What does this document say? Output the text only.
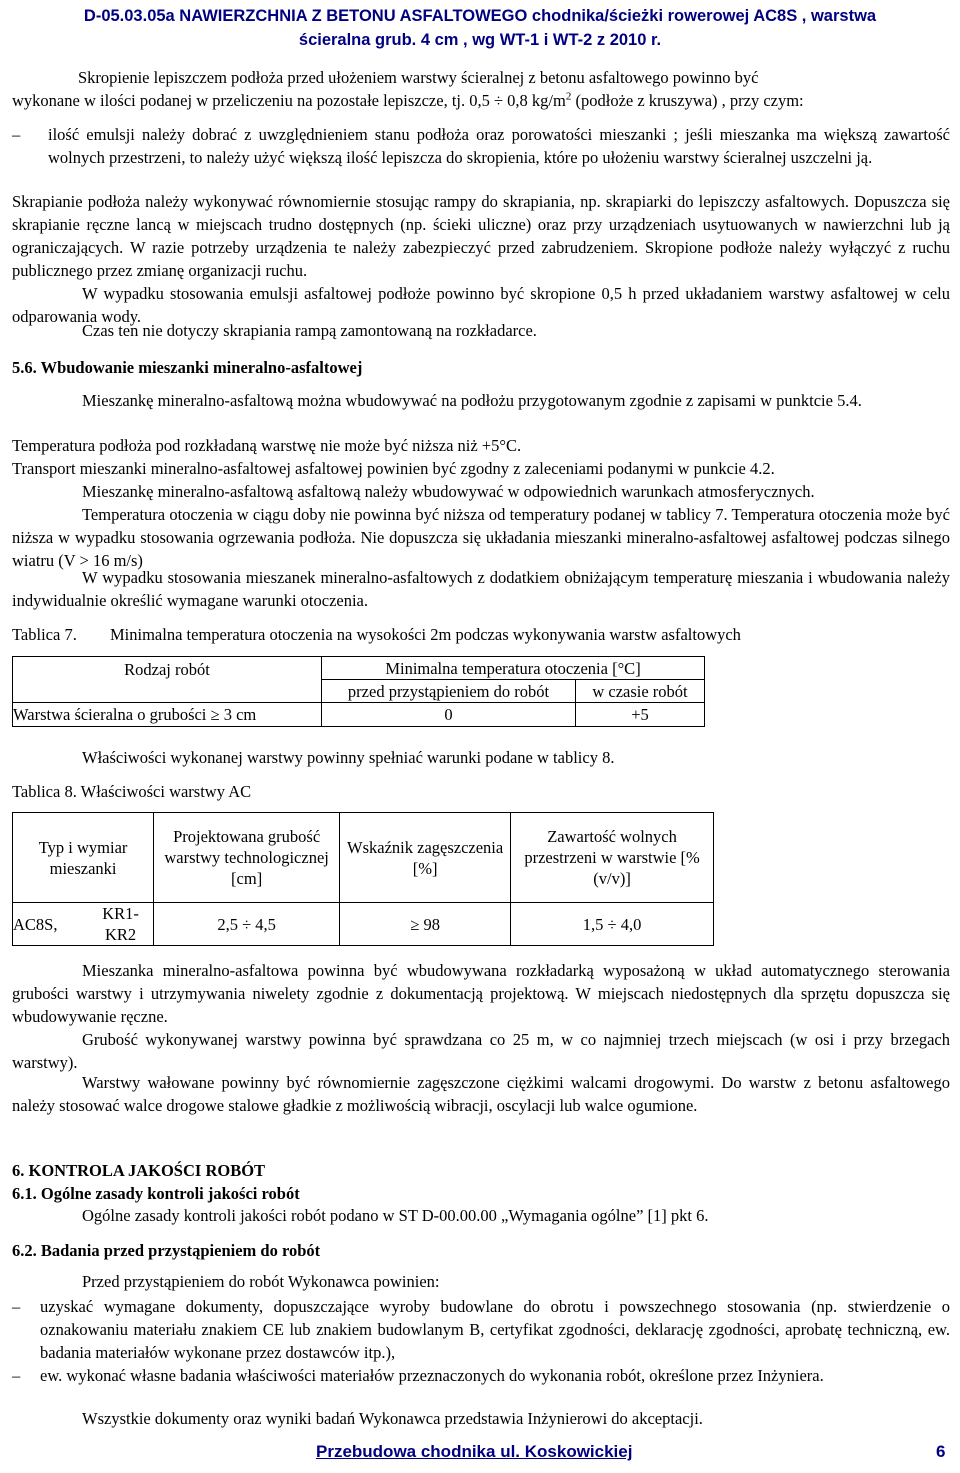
D-05.03.05a NAWIERZCHNIA Z BETONU ASFALTOWEGO chodnika/ścieżki rowerowej AC8S , warstwa
ścieralna grub. 4 cm , wg WT-1 i WT-2 z 2010 r.
Skropienie lepiszczem podłoża przed ułożeniem warstwy ścieralnej z betonu asfaltowego powinno być
wykonane w ilości podanej w przeliczeniu na pozostałe lepiszcze, tj. 0,5 ÷ 0,8 $kg/m^2$ (podłoże z kruszywa) , przy czym:
– ilość emulsji należy dobrać z uwzględnieniem stanu podłoża oraz porowatości mieszanki ; jeśli mieszanka ma większą zawartość wolnych przestrzeni, to należy użyć większą ilość lepiszcza do skropienia, które po ułożeniu warstwy ścieralnej uszczelni ją.
Skrapianie podłoża należy wykonywać równomiernie stosując rampy do skrapiania, np. skrapiarki do lepiszczy asfaltowych. Dopuszcza się skrapianie ręczne lancą w miejscach trudno dostępnych (np. ścieki uliczne) oraz przy urządzeniach usytuowanych w nawierzchni lub ją ograniczających. W razie potrzeby urządzenia te należy zabezpieczyć przed zabrudzeniem. Skropione podłoże należy wyłączyć z ruchu publicznego przez zmianę organizacji ruchu.
W wypadku stosowania emulsji asfaltowej podłoże powinno być skropione 0,5 h przed układaniem warstwy asfaltowej w celu odparowania wody.
Czas ten nie dotyczy skrapiania rampą zamontowaną na rozkładarce.
5.6. Wbudowanie mieszanki mineralno-asfaltowej
Mieszankę mineralno-asfaltową można wbudowywać na podłożu przygotowanym zgodnie z zapisami w punktcie 5.4.
Temperatura podłoża pod rozkładaną warstwę nie może być niższa niż +5°C.
Transport mieszanki mineralno-asfaltowej asfaltowej powinien być zgodny z zaleceniami podanymi w punkcie 4.2.
Mieszankę mineralno-asfaltową asfaltową należy wbudowywać w odpowiednich warunkach atmosferycznych.
Temperatura otoczenia w ciągu doby nie powinna być niższa od temperatury podanej w tablicy 7. Temperatura otoczenia może być niższa w wypadku stosowania ogrzewania podłoża. Nie dopuszcza się układania mieszanki mineralno-asfaltowej asfaltowej podczas silnego wiatru (V > 16 m/s)
W wypadku stosowania mieszanek mineralno-asfaltowych z dodatkiem obniżającym temperaturę mieszania i wbudowania należy indywidualnie określić wymagane warunki otoczenia.
Tablica 7. Minimalna temperatura otoczenia na wysokości 2m podczas wykonywania warstw asfaltowych
Rodzaj robót	Minimalna temperatura otoczenia [°C]	
	przed przystąpieniem do robót	w czasie robót
Warstwa ścieralna o grubości ≥ 3 cm	0	+5
Właściwości wykonanej warstwy powinny spełniać warunki podane w tablicy 8.
Tablica 8. Właściwości warstwy AC
Typ i wymiar mieszanki		Projektowana grubość warstwy technologicznej [cm]	Wskaźnik zagęszczenia [%]	Zawartość wolnych przestrzeni w warstwie [%(v/v)]
AC8S,	KR1-KR2	2,5 ÷ 4,5	≥ 98	1,5 ÷ 4,0
Mieszanka mineralno-asfaltowa powinna być wbudowywana rozkładarką wyposażoną w układ automatycznego sterowania grubości warstwy i utrzymywania niwelety zgodnie z dokumentacją projektową. W miejscach niedostępnych dla sprzętu dopuszcza się wbudowywanie ręczne.
Grubość wykonywanej warstwy powinna być sprawdzana co 25 m, w co najmniej trzech miejscach (w osi i przy brzegach warstwy).
Warstwy wałowane powinny być równomiernie zagęszczone ciężkimi walcami drogowymi. Do warstw z betonu asfaltowego należy stosować walce drogowe stalowe gładkie z możliwością wibracji, oscylacji lub walce ogumione.
6. KONTROLA JAKOŚCI ROBÓT
6.1. Ogólne zasady kontroli jakości robót
Ogólne zasady kontroli jakości robót podano w ST D-00.00.00 „Wymagania ogólne” [1] pkt 6.
6.2. Badania przed przystąpieniem do robót
Przed przystąpieniem do robót Wykonawca powinien:
– uzyskać wymagane dokumenty, dopuszczające wyroby budowlane do obrotu i powszechnego stosowania (np. stwierdzenie o oznakowaniu materiału znakiem CE lub znakiem budowlanym B, certyfikat zgodności, deklarację zgodności, aprobatę techniczną, ew. badania materiałów wykonane przez dostawców itp.),
– ew. wykonać własne badania właściwości materiałów przeznaczonych do wykonania robót, określone przez Inżyniera.
Wszystkie dokumenty oraz wyniki badań Wykonawca przedstawia Inżynierowi do akceptacji.
Przebudowa chodnika ul. Koskowickiej	6
